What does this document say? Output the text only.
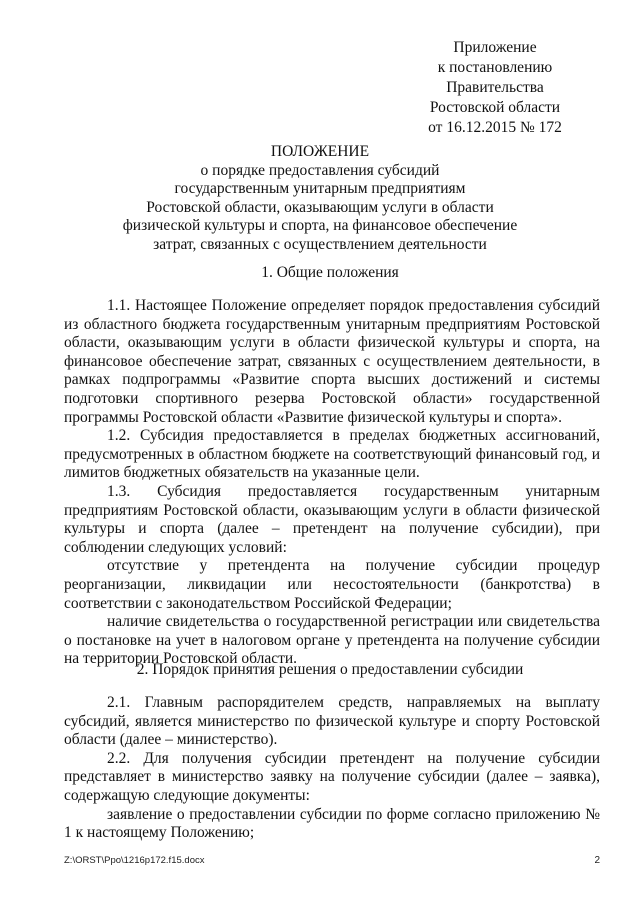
Приложение
к постановлению
Правительства
Ростовской области
от 16.12.2015 № 172
ПОЛОЖЕНИЕ
о порядке предоставления субсидий
государственным унитарным предприятиям
Ростовской области, оказывающим услуги в области
физической культуры и спорта, на финансовое обеспечение
затрат, связанных с осуществлением деятельности
1. Общие положения

1.1. Настоящее Положение определяет порядок предоставления субсидий из областного бюджета государственным унитарным предприятиям Ростовской области, оказывающим услуги в области физической культуры и спорта, на финансовое обеспечение затрат, связанных с осуществлением деятельности, в рамках подпрограммы «Развитие спорта высших достижений и системы подготовки спортивного резерва Ростовской области» государственной программы Ростовской области «Развитие физической культуры и спорта».

1.2. Субсидия предоставляется в пределах бюджетных ассигнований, предусмотренных в областном бюджете на соответствующий финансовый год, и лимитов бюджетных обязательств на указанные цели.

1.3. Субсидия предоставляется государственным унитарным предприятиям Ростовской области, оказывающим услуги в области физической культуры и спорта (далее – претендент на получение субсидии), при соблюдении следующих условий:

отсутствие у претендента на получение субсидии процедур реорганизации, ликвидации или несостоятельности (банкротства) в соответствии с законодательством Российской Федерации;

наличие свидетельства о государственной регистрации или свидетельства о постановке на учет в налоговом органе у претендента на получение субсидии на территории Ростовской области.

2. Порядок принятия решения о предоставлении субсидии

2.1. Главным распорядителем средств, направляемых на выплату субсидий, является министерство по физической культуре и спорту Ростовской области (далее – министерство).

2.2. Для получения субсидии претендент на получение субсидии представляет в министерство заявку на получение субсидии (далее – заявка), содержащую следующие документы:

заявление о предоставлении субсидии по форме согласно приложению № 1 к настоящему Положению;

Z:\ORST\Ppo\1216p172.f15.docx	2
